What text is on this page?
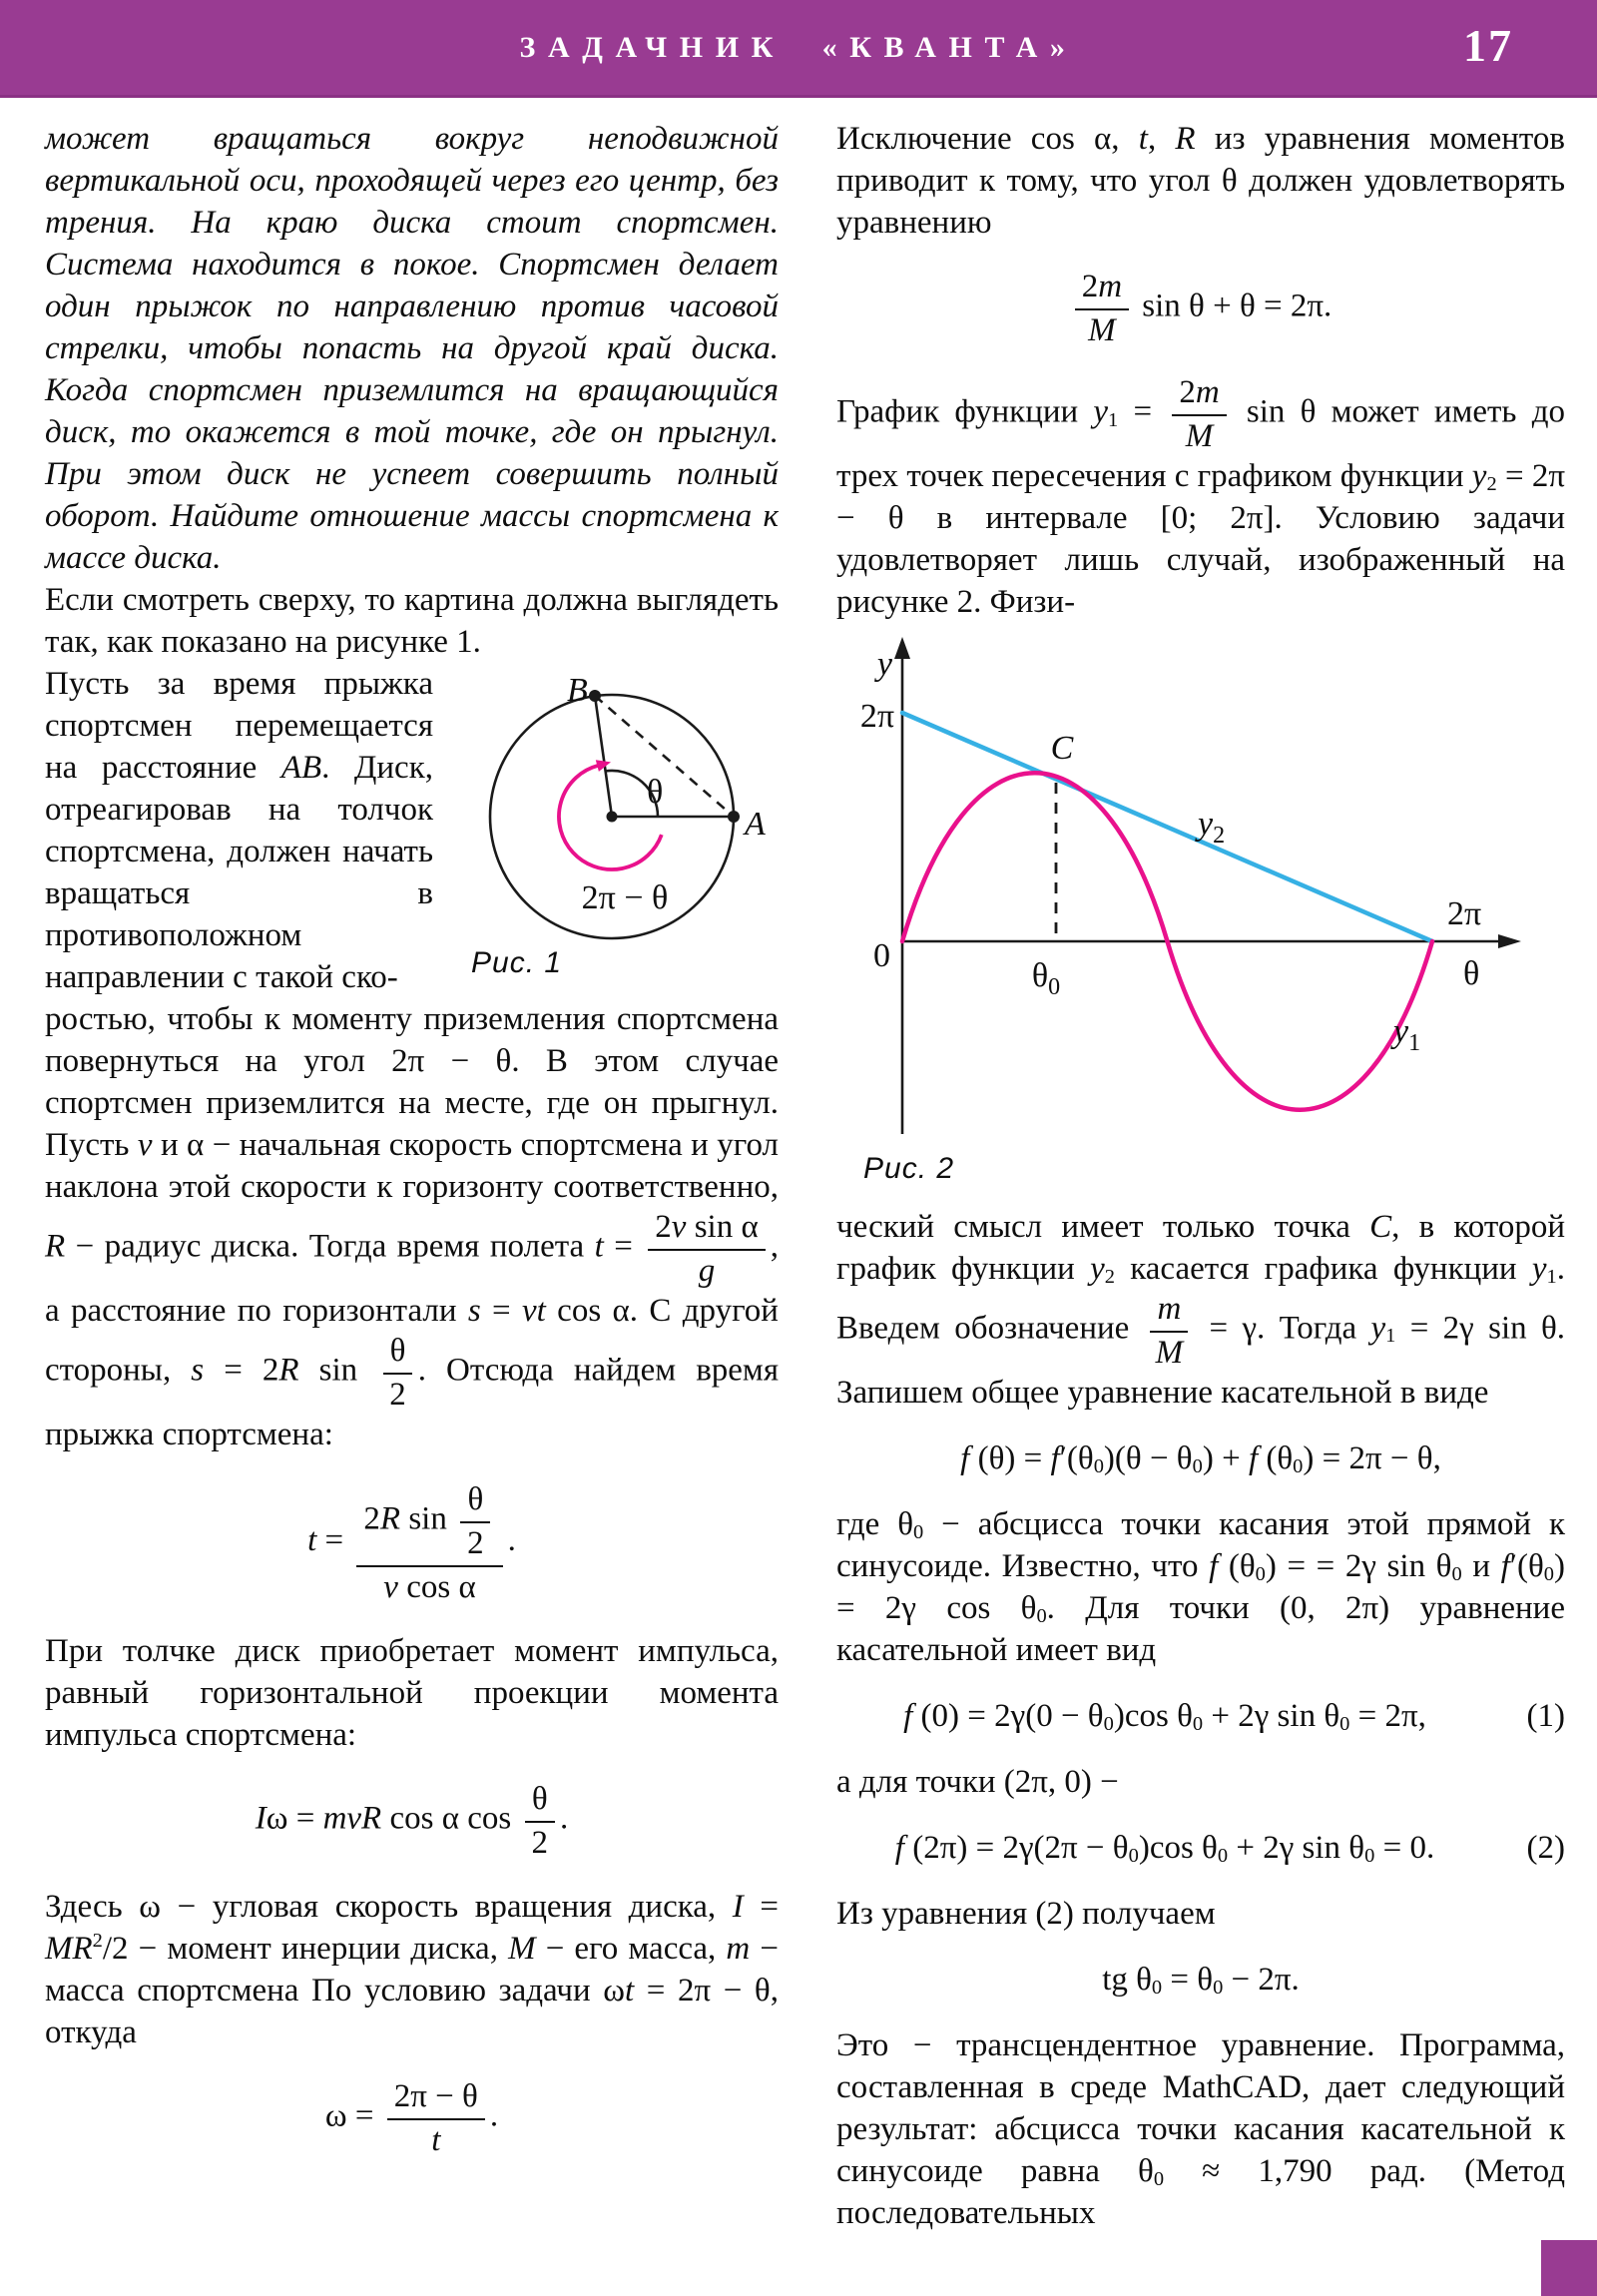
ЗАДАЧНИК «КВАНТА»	17

может вращаться вокруг неподвижной вертикальной оси, проходящей через его центр, без трения. На краю диска стоит спортсмен. Система находится в покое. Спортсмен делает один прыжок по направлению против часовой стрелки, чтобы попасть на другой край диска. Когда спортсмен приземлится на вращающийся диск, то окажется в той точке, где он прыгнул. При этом диск не успеет совершить полный оборот. Найдите отношение массы спортсмена к массе диска.

Если смотреть сверху, то картина должна выглядеть так, как показано на рисунке 1.

B
A
θ
2π − θ
Рис. 1
Пусть за время прыжка спортсмен перемещается на расстояние AB. Диск, отреагировав на толчок спортсмена, должен начать вращаться в противоположном направлении с такой ско-

ростью, чтобы к моменту приземления спортсмена повернуться на угол 2π − θ. В этом случае спортсмен приземлится на месте, где он прыгнул. Пусть v и α − начальная скорость спортсмена и угол наклона этой скорости к горизонту соответственно, R − радиус диска. Тогда время полета $t = \frac{\text{2v sin α}}{g}$ , а расстояние по горизонтали s = vt cos α. С другой стороны, s = 2R $\sin \frac{\theta}{2}$ . Отсюда найдем время прыжка спортсмена:

$t = \frac{2R \sin \frac{\theta}{2}}{\text{v cos α}}$ .

При толчке диск приобретает момент импульса, равный горизонтальной проекции момента импульса спортсмена:

Iω = mvR cos α $\cos \frac{\theta}{2}$ .

Здесь ω − угловая скорость вращения диска, $I = MR^2/2$ − момент инерции диска, M − его масса, m − масса спортсмена По условию задачи ωt = 2π − θ, откуда

$\omega = \frac{2\pi - \theta}{t}$ .

Исключение cos α, t, R из уравнения моментов приводит к тому, что угол θ должен удовлетворять уравнению

$\frac{2m}{M}$ sin θ + θ = 2π.

График функции $y_1 = \frac{2m}{M}$ sin θ может иметь до трех точек пересечения с графиком функции $y_2 = 2\pi - \theta$ в интервале [0; 2π]. Условию задачи удовлетворяет лишь случай, изображенный на рисунке 2. Физи-

y
2π
0
C
$\theta_0$
$y_2$
2π
θ
$y_1$
Рис. 2

ческий смысл имеет только точка C, в которой график функции $y_2$ касается графика функции $y_1$. Введем обозначение $\frac{m}{M} = \gamma$. Тогда $y_1 = 2\gamma$ sin θ. Запишем общее уравнение касательной в виде

f $(\theta) = f'(\theta_0)(\theta - \theta_0) + f$ $(\theta_0) = 2\pi - \theta$,

где $\theta_0$ − абсцисса точки касания этой прямой к синусоиде. Известно, что f $(\theta_0)$ = = 2γ $\sin \theta_0$ и $f'(\theta_0) = 2\gamma$ $\cos \theta_0$. Для точки (0, 2π) уравнение касательной имеет вид

f $(0) = 2\gamma(0 - \theta_0)\cos$ $\theta_0 + 2\gamma$ $\sin \theta_0 = 2\pi$,	(1)

а для точки (2π, 0) −

f $(2\pi) = 2\gamma(2\pi - \theta_0)\cos$ $\theta_0 + 2\gamma$ $\sin \theta_0 = 0$.	(2)

Из уравнения (2) получаем

tg $\theta_0 = \theta_0 - 2\pi$.

Это − трансцендентное уравнение. Программа, составленная в среде MathCAD, дает следующий результат: абсцисса точки касания касательной к синусоиде равна $\theta_0 \approx 1,790$ рад. (Метод последовательных
